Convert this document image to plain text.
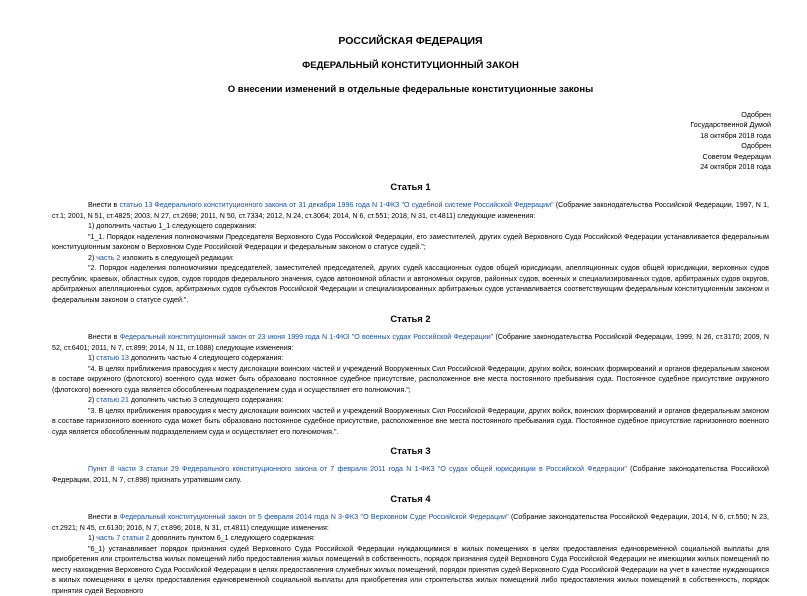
РОССИЙСКАЯ ФЕДЕРАЦИЯ

ФЕДЕРАЛЬНЫЙ КОНСТИТУЦИОННЫЙ ЗАКОН

О внесении изменений в отдельные федеральные конституционные законы

Одобрен
Государственной Думой
18 октября 2018 года
Одобрен
Советом Федерации
24 октября 2018 года
Статья 1

Внести в статью 13 Федерального конституционного закона от 31 декабря 1996 года N 1-ФКЗ "О судебной системе Российской Федерации" (Собрание законодательства Российской Федерации, 1997, N 1, ст.1; 2001, N 51, ст.4825; 2003, N 27, ст.2698; 2011, N 50, ст.7334; 2012, N 24, ст.3064; 2014, N 6, ст.551; 2018, N 31, ст.4811) следующие изменения:

1) дополнить частью 1_1 следующего содержания:

"1_1. Порядок наделения полномочиями Председателя Верховного Суда Российской Федерации, его заместителей, других судей Верховного Суда Российской Федерации устанавливается федеральным конституционным законом о Верховном Суде Российской Федерации и федеральным законом о статусе судей.";

2) часть 2 изложить в следующей редакции:

"2. Порядок наделения полномочиями председателей, заместителей председателей, других судей кассационных судов общей юрисдикции, апелляционных судов общей юрисдикции, верховных судов республик, краевых, областных судов, судов городов федерального значения, судов автономной области и автономных округов, районных судов, военных и специализированных судов, арбитражных судов округов, арбитражных апелляционных судов, арбитражных судов субъектов Российской Федерации и специализированных арбитражных судов устанавливается соответствующим федеральным конституционным законом и федеральным законом о статусе судей.".

Статья 2

Внести в Федеральный конституционный закон от 23 июня 1999 года N 1-ФКЗ "О военных судах Российской Федерации" (Собрание законодательства Российской Федерации, 1999, N 26, ст.3170; 2009, N 52, ст.6401; 2011, N 7, ст.899; 2014, N 11, ст.1088) следующие изменения:

1) статью 13 дополнить частью 4 следующего содержания:

"4. В целях приближения правосудия к месту дислокации воинских частей и учреждений Вооруженных Сил Российской Федерации, других войск, воинских формирований и органов федеральным законом в составе окружного (флотского) военного суда может быть образовано постоянное судебное присутствие, расположенное вне места постоянного пребывания суда. Постоянное судебное присутствие окружного (флотского) военного суда является обособленным подразделением суда и осуществляет его полномочия.";

2) статью 21 дополнить частью 3 следующего содержания:

"3. В целях приближения правосудия к месту дислокации воинских частей и учреждений Вооруженных Сил Российской Федерации, других войск, воинских формирований и органов федеральным законом в составе гарнизонного военного суда может быть образовано постоянное судебное присутствие, расположенное вне места постоянного пребывания суда. Постоянное судебное присутствие гарнизонного военного суда является обособленным подразделением суда и осуществляет его полномочия.".

Статья 3

Пункт 8 части 3 статьи 29 Федерального конституционного закона от 7 февраля 2011 года N 1-ФКЗ "О судах общей юрисдикции в Российской Федерации" (Собрание законодательства Российской Федерации, 2011, N 7, ст.898) признать утратившим силу.

Статья 4

Внести в Федеральный конституционный закон от 5 февраля 2014 года N 3-ФКЗ "О Верховном Суде Российской Федерации" (Собрание законодательства Российской Федерации, 2014, N 6, ст.550; N 23, ст.2921; N 45, ст.6130; 2016, N 7, ст.896; 2018, N 31, ст.4811) следующие изменения:

1) часть 7 статьи 2 дополнить пунктом 6_1 следующего содержания:

"6_1) устанавливает порядок признания судей Верховного Суда Российской Федерации нуждающимися в жилых помещениях в целях предоставления единовременной социальной выплаты для приобретения или строительства жилых помещений либо предоставления жилых помещений в собственность, порядок признания судей Верховного Суда Российской Федерации не имеющими жилых помещений по месту нахождения Верховного Суда Российской Федерации в целях предоставления служебных жилых помещений, порядок принятия судей Верховного Суда Российской Федерации на учет в качестве нуждающихся в жилых помещениях в целях предоставления единовременной социальной выплаты для приобретения или строительства жилых помещений либо предоставления жилых помещений в собственность, порядок принятия судей Верховного
